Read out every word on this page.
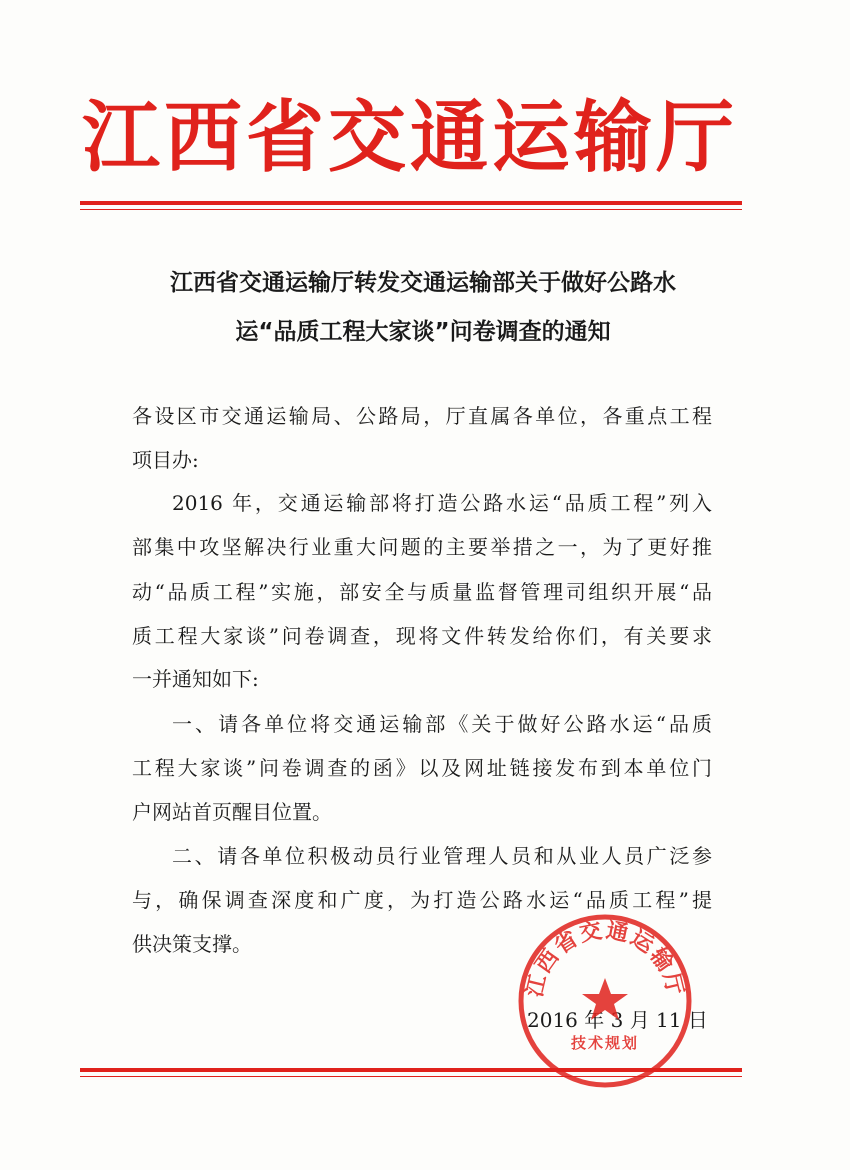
江西省交通运输厅
江西省交通运输厅转发交通运输部关于做好公路水
运“品质工程大家谈”问卷调查的通知
各设区市交通运输局、公路局，厅直属各单位，各重点工程
项目办:
2016 年，交通运输部将打造公路水运“品质工程”列入
部集中攻坚解决行业重大问题的主要举措之一，为了更好推
动“品质工程”实施，部安全与质量监督管理司组织开展“品
质工程大家谈”问卷调查，现将文件转发给你们，有关要求
一并通知如下:
一、请各单位将交通运输部《关于做好公路水运“品质
工程大家谈”问卷调查的函》以及网址链接发布到本单位门
户网站首页醒目位置。
二、请各单位积极动员行业管理人员和从业人员广泛参
与，确保调查深度和广度，为打造公路水运“品质工程”提
供决策支撑。
2016 年 3 月 11 日
江西省交通运输厅
技术规划
